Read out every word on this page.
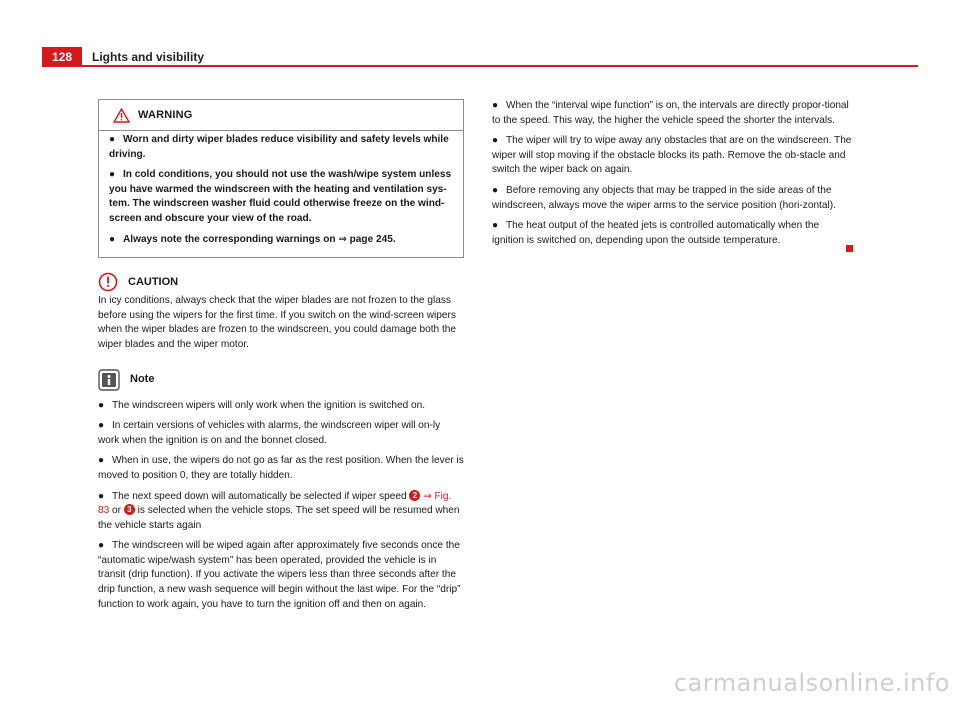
128	Lights and visibility
WARNING

● Worn and dirty wiper blades reduce visibility and safety levels while driving.

● In cold conditions, you should not use the wash/wipe system unless you have warmed the windscreen with the heating and ventilation sys-tem. The windscreen washer fluid could otherwise freeze on the wind-screen and obscure your view of the road.

● Always note the corresponding warnings on ⇒ page 245.

CAUTION

In icy conditions, always check that the wiper blades are not frozen to the glass before using the wipers for the first time. If you switch on the wind-screen wipers when the wiper blades are frozen to the windscreen, you could damage both the wiper blades and the wiper motor.

Note

● The windscreen wipers will only work when the ignition is switched on.

● In certain versions of vehicles with alarms, the windscreen wiper will on-ly work when the ignition is on and the bonnet closed.

● When in use, the wipers do not go as far as the rest position. When the lever is moved to position 0, they are totally hidden.

● The next speed down will automatically be selected if wiper speed 2 ⇒ Fig. 83 or 3 is selected when the vehicle stops. The set speed will be resumed when the vehicle starts again

● The windscreen will be wiped again after approximately five seconds once the “automatic wipe/wash system” has been operated, provided the vehicle is in transit (drip function). If you activate the wipers less than three seconds after the drip function, a new wash sequence will begin without the last wipe. For the “drip” function to work again, you have to turn the ignition off and then on again.

● When the “interval wipe function” is on, the intervals are directly propor-tional to the speed. This way, the higher the vehicle speed the shorter the intervals.

● The wiper will try to wipe away any obstacles that are on the windscreen. The wiper will stop moving if the obstacle blocks its path. Remove the ob-stacle and switch the wiper back on again.

● Before removing any objects that may be trapped in the side areas of the windscreen, always move the wiper arms to the service position (hori-zontal).

● The heat output of the heated jets is controlled automatically when the ignition is switched on, depending upon the outside temperature.

carmanualsonline.info
